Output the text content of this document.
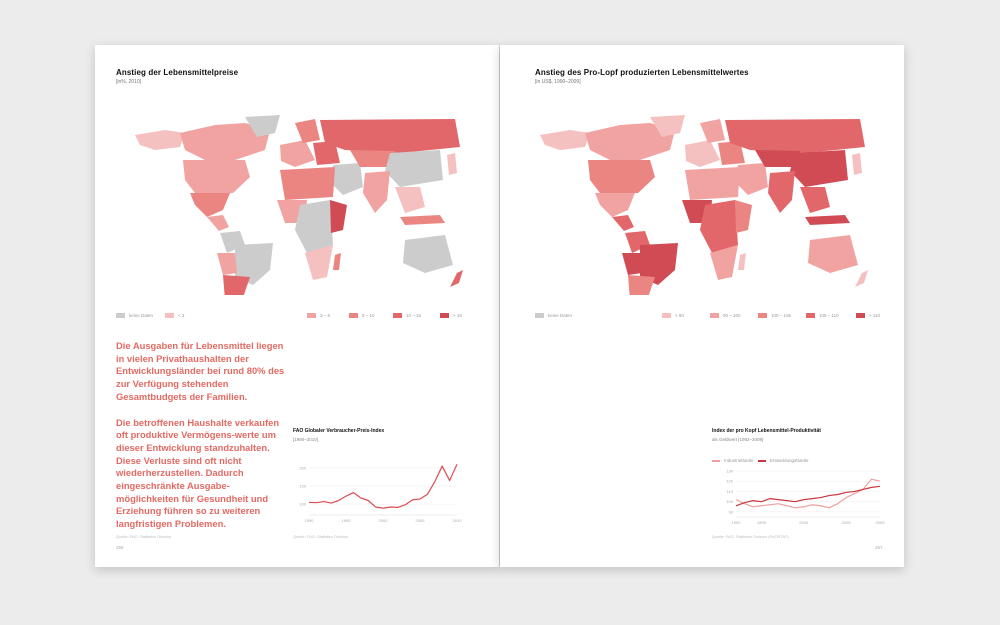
Anstieg der Lebensmittelpreise
[in%, 2010]
keine Daten	< 3	3 – 5	5 – 10	10 – 15	> 15

Die Ausgaben für Lebensmittel liegen in vielen Privathaushalten der Entwicklungsländer bei rund 80% des zur Verfügung stehenden Gesamtbudgets der Familien.

Die betroffenen Haushalte verkaufen oft produktive Vermögens-werte um dieser Entwicklung standzuhalten. Diese Verluste sind oft nicht wiederherzustellen. Dadurch eingeschränkte Ausgabe-möglichkeiten für Gesundheit und Erziehung führen so zu weiteren langfristigen Problemen.

FAO Globaler Verbraucher-Preis-Index
[1990–2010]
100
150
200
1990	1995	2000	2005	2010
Quelle: FAO, Statistics Division	Quelle: FAO, Statistics Division
256
Anstieg des Pro-Lopf produzierten Lebensmittelwertes
[in US$, 1990–2009]
keine Daten	< 90	90 – 100	100 – 105	105 – 110	> 110
Index der pro Kopf Lebensmittel-Produktivität
als Geldwert [1992–2009]
Industrieländer	Entwicklungsländer
90
100
110
120
130
1992	1995	2000	2005	2009
Quelle: FAO, Statistics Division (FAOSTAT)
257
